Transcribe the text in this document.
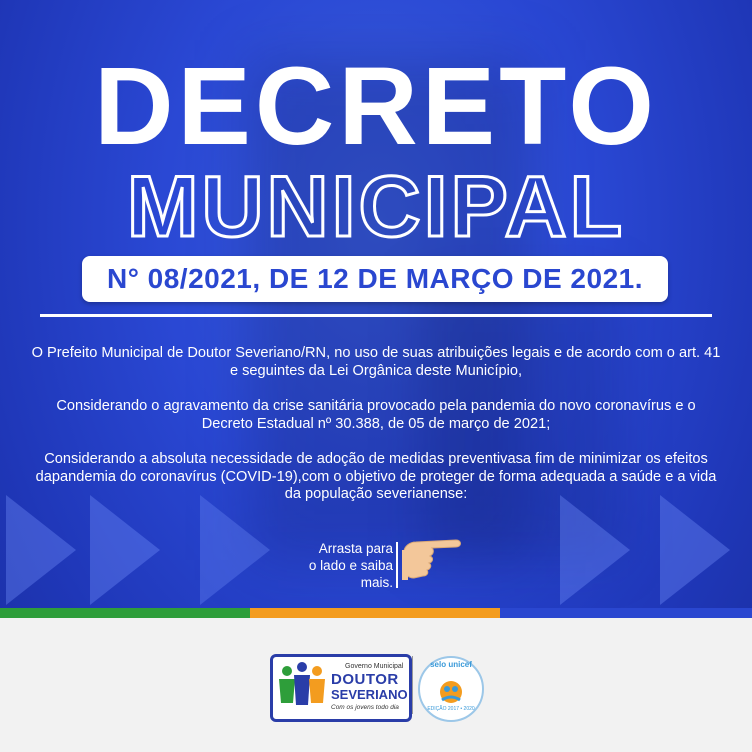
DECRETO
MUNICIPAL
N° 08/2021, DE 12 DE MARÇO DE 2021.

O Prefeito Municipal de Doutor Severiano/RN, no uso de suas atribuições legais e de acordo com o art. 41 e seguintes da Lei Orgânica deste Município,

Considerando o agravamento da crise sanitária provocado pela pandemia do novo coronavírus e o Decreto Estadual nº 30.388, de 05 de março de 2021;

Considerando a absoluta necessidade de adoção de medidas preventivasa fim de minimizar os efeitos dapandemia do coronavírus (COVID-19),com o objetivo de proteger de forma adequada a saúde e a vida da população severianense:

Arrasta para
o lado e saiba
mais.
Governo Municipal
DOUTOR
SEVERIANO
Com os jovens todo dia
selo unicef
EDIÇÃO 2017 • 2020
